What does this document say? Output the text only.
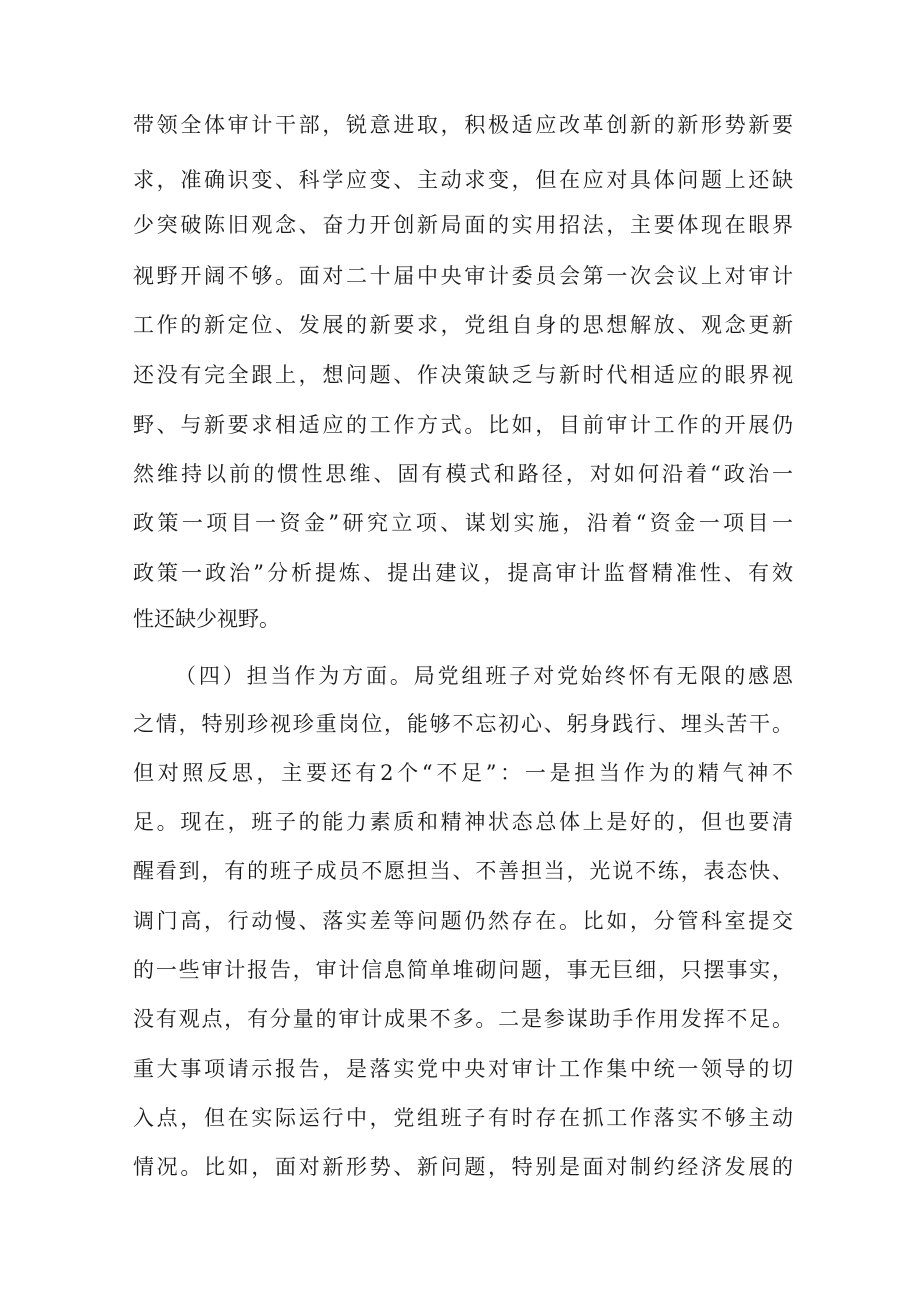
带领全体审计干部，锐意进取，积极适应改革创新的新形势新要
求，准确识变、科学应变、主动求变，但在应对具体问题上还缺
少突破陈旧观念、奋力开创新局面的实用招法，主要体现在眼界
视野开阔不够。面对二十届中央审计委员会第一次会议上对审计
工作的新定位、发展的新要求，党组自身的思想解放、观念更新
还没有完全跟上，想问题、作决策缺乏与新时代相适应的眼界视
野、与新要求相适应的工作方式。比如，目前审计工作的开展仍
然维持以前的惯性思维、固有模式和路径，对如何沿着“政治一
政策一项目一资金”研究立项、谋划实施，沿着“资金一项目一
政策一政治”分析提炼、提出建议，提高审计监督精准性、有效
性还缺少视野。
（四）担当作为方面。局党组班子对党始终怀有无限的感恩
之情，特别珍视珍重岗位，能够不忘初心、躬身践行、埋头苦干。
但对照反思，主要还有2个“不足”：一是担当作为的精气神不
足。现在，班子的能力素质和精神状态总体上是好的，但也要清
醒看到，有的班子成员不愿担当、不善担当，光说不练，表态快、
调门高，行动慢、落实差等问题仍然存在。比如，分管科室提交
的一些审计报告，审计信息简单堆砌问题，事无巨细，只摆事实，
没有观点，有分量的审计成果不多。二是参谋助手作用发挥不足。
重大事项请示报告，是落实党中央对审计工作集中统一领导的切
入点，但在实际运行中，党组班子有时存在抓工作落实不够主动
情况。比如，面对新形势、新问题，特别是面对制约经济发展的
